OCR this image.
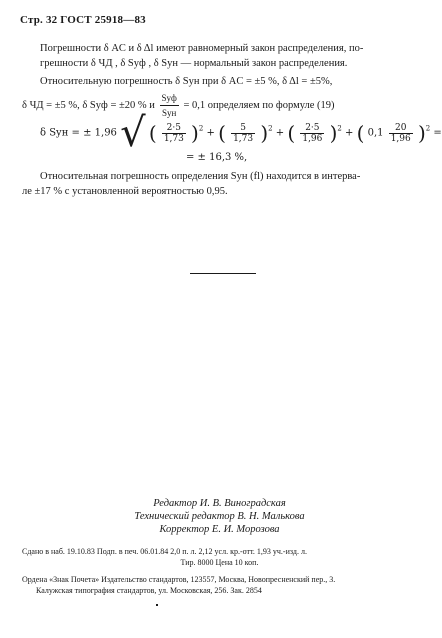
Стр. 32 ГОСТ 25918—83
Погрешности δ AC и δ Δl имеют равномерный закон распределения, по-
грешности δ ЧД , δ Syф , δ Syн — нормальный закон распределения.
Относительную погрешность δ Syн при δ AC = ±5 %, δ Δl = ±5%,
δ ЧД = ±5 %, δ Syф = ±20 % и $\frac{\text{Syф}}{\text{Syн}} = 0,1$ определяем по формуле (19)
δ Syн = ± 1,96 √ ( $\frac{2\cdot 5}{1,73} )^2$ + ( $\frac{5}{1,73} )^2$ + ( $\frac{2\cdot 5}{1,96} )^2$ + ( $0,1 \frac{20}{1,96} )^2$ =
= ± 16,3 %,
Относительная погрешность определения Syн (fl) находится в интерва-
ле ±17 % с установленной вероятностью 0,95.
Редактор И. В. Виноградская
Технический редактор В. Н. Малькова
Корректор Е. И. Морозова
Сдано в наб. 19.10.83 Подп. в печ. 06.01.84 2,0 п. л. 2,12 усл. кр.-отт. 1,93 уч.-изд. л.
Тир. 8000 Цена 10 коп.
Ордена «Знак Почета» Издательство стандартов, 123557, Москва, Новопресненский пер., 3.
Калужская типография стандартов, ул. Московская, 256. Зак. 2854
